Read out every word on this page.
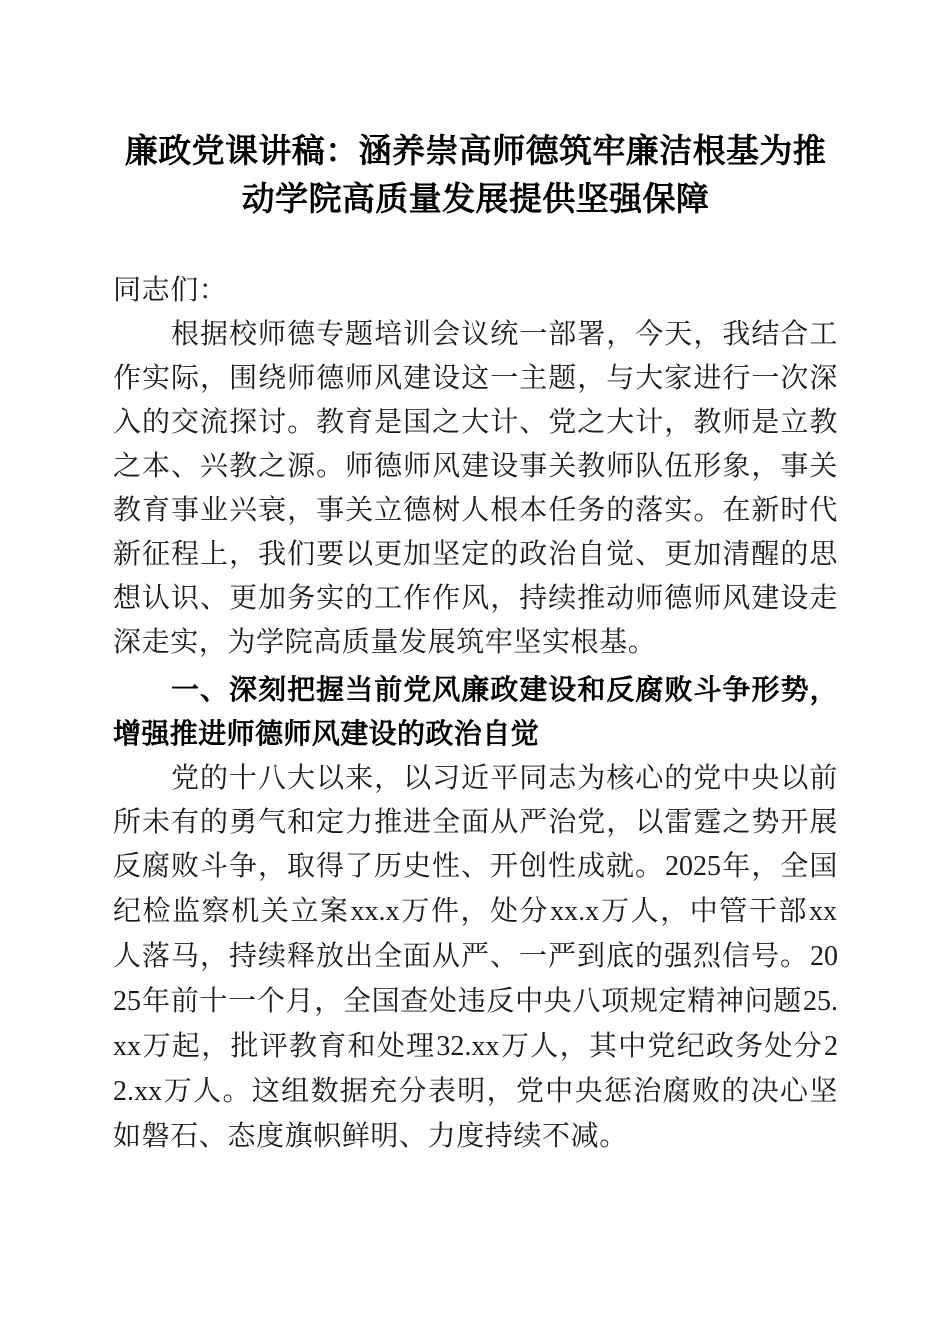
廉政党课讲稿：涵养崇高师德筑牢廉洁根基为推动学院高质量发展提供坚强保障

同志们：

根据校师德专题培训会议统一部署，今天，我结合工作实际，围绕师德师风建设这一主题，与大家进行一次深入的交流探讨。教育是国之大计、党之大计，教师是立教之本、兴教之源。师德师风建设事关教师队伍形象，事关教育事业兴衰，事关立德树人根本任务的落实。在新时代新征程上，我们要以更加坚定的政治自觉、更加清醒的思想认识、更加务实的工作作风，持续推动师德师风建设走深走实，为学院高质量发展筑牢坚实根基。

一、深刻把握当前党风廉政建设和反腐败斗争形势，增强推进师德师风建设的政治自觉

党的十八大以来，以习近平同志为核心的党中央以前所未有的勇气和定力推进全面从严治党，以雷霆之势开展反腐败斗争，取得了历史性、开创性成就。2025年，全国纪检监察机关立案xx.x万件，处分xx.x万人，中管干部xx人落马，持续释放出全面从严、一严到底的强烈信号。2025年前十一个月，全国查处违反中央八项规定精神问题25.xx万起，批评教育和处理32.xx万人，其中党纪政务处分22.xx万人。这组数据充分表明，党中央惩治腐败的决心坚如磐石、态度旗帜鲜明、力度持续不减。
